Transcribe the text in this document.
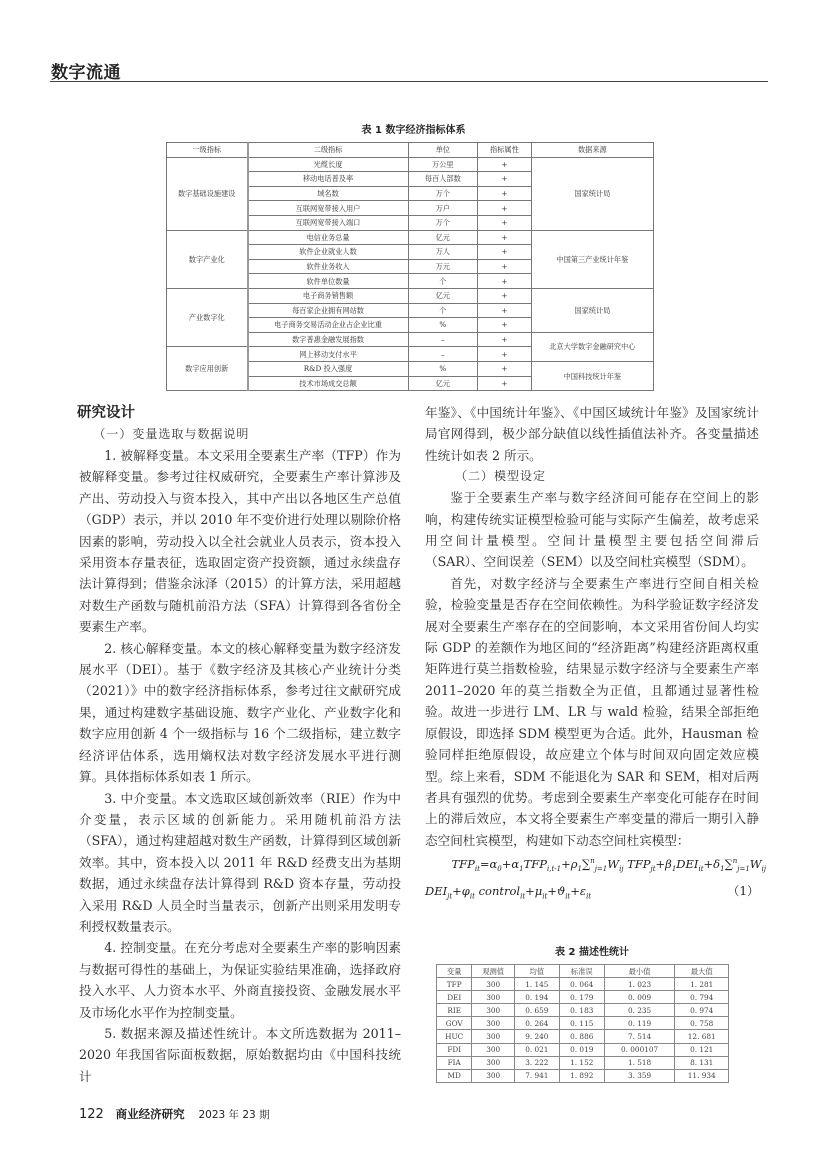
数字流通
表 1 数字经济指标体系
一级指标	二级指标	单位	指标属性	数据来源
数字基础设施建设	光缆长度	万公里	+	国家统计局
	移动电话普及率	每百人部数	+	
	域名数	万个	+	
	互联网宽带接入用户	万户	+	
	互联网宽带接入端口	万个	+	
数字产业化	电信业务总量	亿元	+	中国第三产业统计年鉴
	软件企业就业人数	万人	+	
	软件业务收入	万元	+	
	软件单位数量	个	+	
产业数字化	电子商务销售额	亿元	+	国家统计局
	每百家企业拥有网站数	个	+	
	电子商务交易活动企业占企业比重	%	+	
	数字普惠金融发展指数	–	+	北京大学数字金融研究中心
数字应用创新	网上移动支付水平	–	+	
	R&D 投入强度	%	+	中国科技统计年鉴
	技术市场成交总额	亿元	+	
研究设计
（一）变量选取与数据说明

1. 被解释变量。本文采用全要素生产率（TFP）作为被解释变量。参考过往权威研究，全要素生产率计算涉及产出、劳动投入与资本投入，其中产出以各地区生产总值（GDP）表示，并以 2010 年不变价进行处理以剔除价格因素的影响，劳动投入以全社会就业人员表示，资本投入采用资本存量表征，选取固定资产投资额，通过永续盘存法计算得到；借鉴余泳泽（2015）的计算方法，采用超越对数生产函数与随机前沿方法（SFA）计算得到各省份全要素生产率。

2. 核心解释变量。本文的核心解释变量为数字经济发展水平（DEI）。基于《数字经济及其核心产业统计分类（2021）》中的数字经济指标体系，参考过往文献研究成果，通过构建数字基础设施、数字产业化、产业数字化和数字应用创新 4 个一级指标与 16 个二级指标，建立数字经济评估体系，选用熵权法对数字经济发展水平进行测算。具体指标体系如表 1 所示。

3. 中介变量。本文选取区域创新效率（RIE）作为中介变量，表示区域的创新能力。采用随机前沿方法（SFA），通过构建超越对数生产函数，计算得到区域创新效率。其中，资本投入以 2011 年 R&D 经费支出为基期数据，通过永续盘存法计算得到 R&D 资本存量，劳动投入采用 R&D 人员全时当量表示，创新产出则采用发明专利授权数量表示。

4. 控制变量。在充分考虑对全要素生产率的影响因素与数据可得性的基础上，为保证实验结果准确，选择政府投入水平、人力资本水平、外商直接投资、金融发展水平及市场化水平作为控制变量。

5. 数据来源及描述性统计。本文所选数据为 2011–2020 年我国省际面板数据，原始数据均由《中国科技统计

年鉴》、《中国统计年鉴》、《中国区域统计年鉴》及国家统计局官网得到，极少部分缺值以线性插值法补齐。各变量描述性统计如表 2 所示。

（二）模型设定

鉴于全要素生产率与数字经济间可能存在空间上的影响，构建传统实证模型检验可能与实际产生偏差，故考虑采用空间计量模型。空间计量模型主要包括空间滞后（SAR）、空间误差（SEM）以及空间杜宾模型（SDM）。

首先，对数字经济与全要素生产率进行空间自相关检验，检验变量是否存在空间依赖性。为科学验证数字经济发展对全要素生产率存在的空间影响，本文采用省份间人均实际 GDP 的差额作为地区间的“经济距离”构建经济距离权重矩阵进行莫兰指数检验，结果显示数字经济与全要素生产率 2011–2020 年的莫兰指数全为正值，且都通过显著性检验。故进一步进行 LM、LR 与 wald 检验，结果全部拒绝原假设，即选择 SDM 模型更为合适。此外，Hausman 检验同样拒绝原假设，故应建立个体与时间双向固定效应模型。综上来看，SDM 不能退化为 SAR 和 SEM，相对后两者具有强烈的优势。考虑到全要素生产率变化可能存在时间上的滞后效应，本文将全要素生产率变量的滞后一期引入静态空间杜宾模型，构建如下动态空间杜宾模型：

$TFP_{it}=\alpha_0+\alpha_1TFP_{i,t-1}+\rho_1\sum^n_{j=1}W_{ij}$ $TFP_{jt}+\beta_1DEI_{it}+\delta_1\sum^n_{j=1}W_{ij}$
$DEI_{jt}+\varphi_{it}$ $control_{it}+\mu_{it}+ϑ_{it}+\varepsilon_{it}$	（1）
表 2 描述性统计
变量	观测值	均值	标准误	最小值	最大值
TFP	300	1. 145	0. 064	1. 023	1. 281
DEI	300	0. 194	0. 179	0. 009	0. 794
RIE	300	0. 659	0. 183	0. 235	0. 974
GOV	300	0. 264	0. 115	0. 119	0. 758
HUC	300	9. 240	0. 886	7. 514	12. 681
FDI	300	0. 021	0. 019	0. 000107	0. 121
FIA	300	3. 222	1. 152	1. 518	8. 131
MD	300	7. 941	1. 892	3. 359	11. 934
122 商业经济研究 2023 年 23 期
